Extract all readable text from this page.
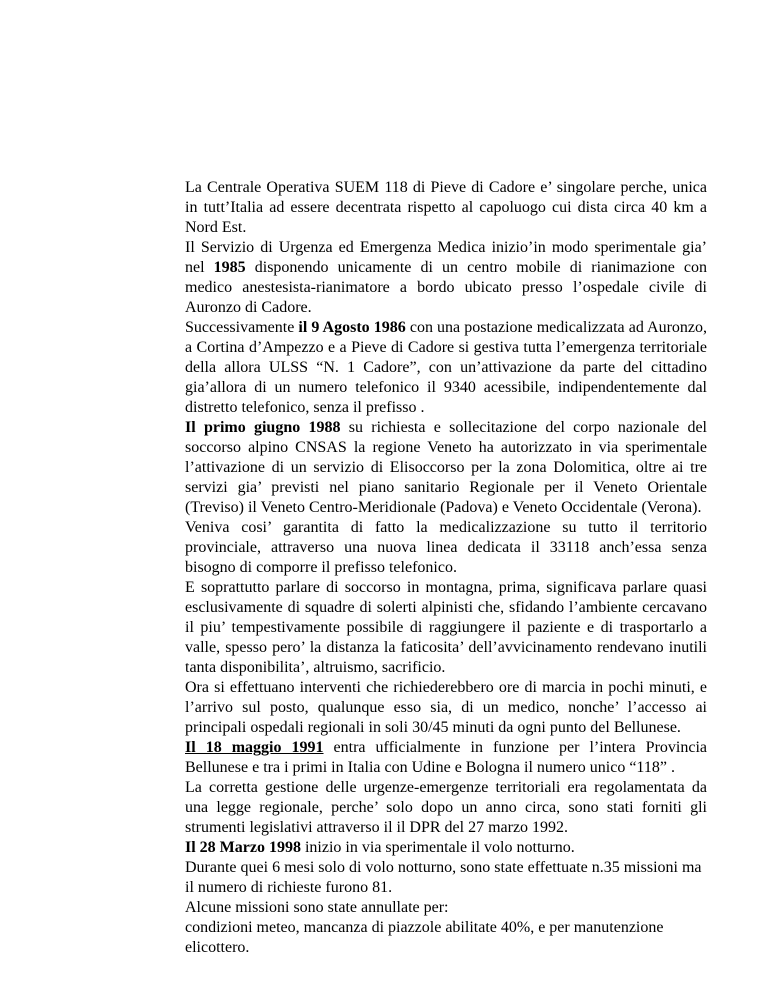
La Centrale Operativa SUEM 118 di Pieve di Cadore e’ singolare perche, unica in tutt’Italia ad essere decentrata rispetto al capoluogo cui dista circa 40 km a Nord Est.

Il Servizio di Urgenza ed Emergenza Medica inizio’in modo sperimentale gia’ nel 1985 disponendo unicamente di un centro mobile di rianimazione con medico anestesista-rianimatore a bordo ubicato presso l’ospedale civile di Auronzo di Cadore.

Successivamente il 9 Agosto 1986 con una postazione medicalizzata ad Auronzo, a Cortina d’Ampezzo e a Pieve di Cadore si gestiva tutta l’emergenza territoriale della allora ULSS “N. 1 Cadore”, con un’attivazione da parte del cittadino gia’allora di un numero telefonico il 9340 acessibile, indipendentemente dal distretto telefonico, senza il prefisso .

Il primo giugno 1988 su richiesta e sollecitazione del corpo nazionale del soccorso alpino CNSAS la regione Veneto ha autorizzato in via sperimentale l’attivazione di un servizio di Elisoccorso per la zona Dolomitica, oltre ai tre servizi gia’ previsti nel piano sanitario Regionale per il Veneto Orientale (Treviso) il Veneto Centro-Meridionale (Padova) e Veneto Occidentale (Verona).

Veniva cosi’ garantita di fatto la medicalizzazione su tutto il territorio provinciale, attraverso una nuova linea dedicata il 33118 anch’essa senza bisogno di comporre il prefisso telefonico.

E soprattutto parlare di soccorso in montagna, prima, significava parlare quasi esclusivamente di squadre di solerti alpinisti che, sfidando l’ambiente cercavano il piu’ tempestivamente possibile di raggiungere il paziente e di trasportarlo a valle, spesso pero’ la distanza la faticosita’ dell’avvicinamento rendevano inutili tanta disponibilita’, altruismo, sacrificio.

Ora si effettuano interventi che richiederebbero ore di marcia in pochi minuti, e l’arrivo sul posto, qualunque esso sia, di un medico, nonche’ l’accesso ai principali ospedali regionali in soli 30/45 minuti da ogni punto del Bellunese.

Il 18 maggio 1991 entra ufficialmente in funzione per l’intera Provincia Bellunese e tra i primi in Italia con Udine e Bologna il numero unico “118” .

La corretta gestione delle urgenze-emergenze territoriali era regolamentata da una legge regionale, perche’ solo dopo un anno circa, sono stati forniti gli strumenti legislativi attraverso il il DPR del 27 marzo 1992.

Il 28 Marzo 1998 inizio in via sperimentale il volo notturno.

Durante quei 6 mesi solo di volo notturno, sono state effettuate n.35 missioni ma il numero di richieste furono 81.

Alcune missioni sono state annullate per:

condizioni meteo, mancanza di piazzole abilitate 40%, e per manutenzione elicottero.
